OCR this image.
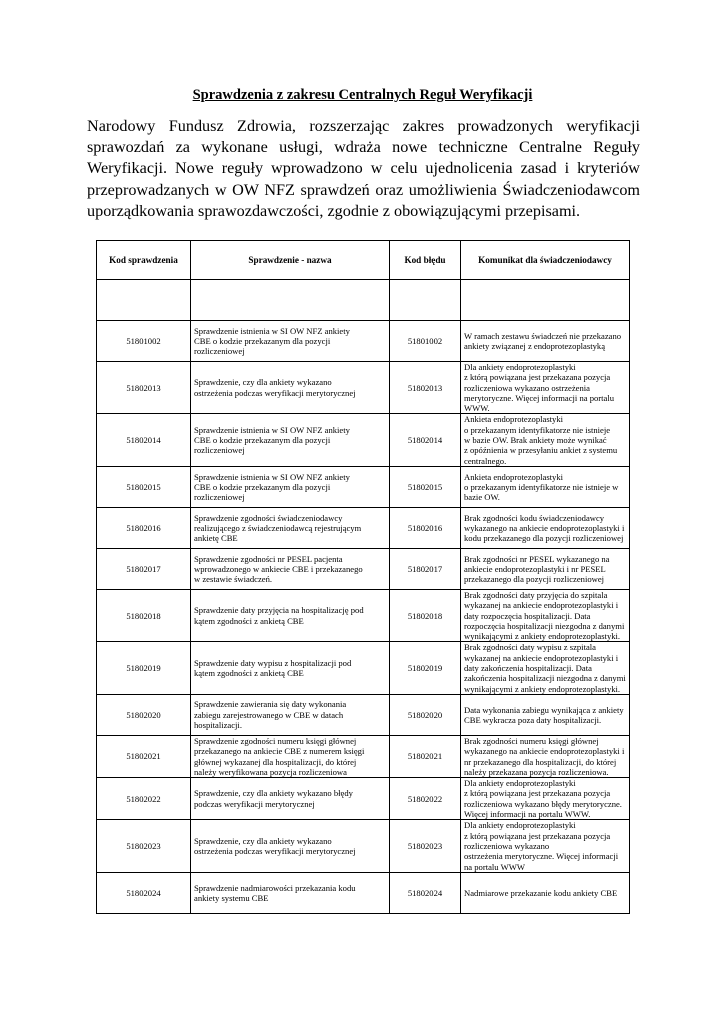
Sprawdzenia z zakresu Centralnych Reguł Weryfikacji

Narodowy Fundusz Zdrowia, rozszerzając zakres prowadzonych weryfikacji sprawozdań za wykonane usługi, wdraża nowe techniczne Centralne Reguły Weryfikacji. Nowe reguły wprowadzono w celu ujednolicenia zasad i kryteriów przeprowadzanych w OW NFZ sprawdzeń oraz umożliwienia Świadczeniodawcom uporządkowania sprawozdawczości, zgodnie z obowiązującymi przepisami.

Kod sprawdzenia	Sprawdzenie - nazwa	Kod błędu	Komunikat dla świadczeniodawcy

51801002	Sprawdzenie istnienia w SI OW NFZ ankiety
CBE o kodzie przekazanym dla pozycji
rozliczeniowej	51801002	W ramach zestawu świadczeń nie przekazano
ankiety związanej z endoprotezoplastyką
51802013	Sprawdzenie, czy dla ankiety wykazano
ostrzeżenia podczas weryfikacji merytorycznej	51802013	Dla ankiety endoprotezoplastyki
z którą powiązana jest przekazana pozycja
rozliczeniowa wykazano ostrzeżenia
merytoryczne. Więcej informacji na portalu
WWW.
51802014	Sprawdzenie istnienia w SI OW NFZ ankiety
CBE o kodzie przekazanym dla pozycji
rozliczeniowej	51802014	Ankieta endoprotezoplastyki
o przekazanym identyfikatorze nie istnieje
w bazie OW. Brak ankiety może wynikać
z opóźnienia w przesyłaniu ankiet z systemu
centralnego.
51802015	Sprawdzenie istnienia w SI OW NFZ ankiety
CBE o kodzie przekazanym dla pozycji
rozliczeniowej	51802015	Ankieta endoprotezoplastyki
o przekazanym identyfikatorze nie istnieje w
bazie OW.
51802016	Sprawdzenie zgodności świadczeniodawcy
realizującego z świadczeniodawcą rejestrującym
ankietę CBE	51802016	Brak zgodności kodu świadczeniodawcy
wykazanego na ankiecie endoprotezoplastyki i
kodu przekazanego dla pozycji rozliczeniowej
51802017	Sprawdzenie zgodności nr PESEL pacjenta
wprowadzonego w ankiecie CBE i przekazanego
w zestawie świadczeń.	51802017	Brak zgodności nr PESEL wykazanego na
ankiecie endoprotezoplastyki i nr PESEL
przekazanego dla pozycji rozliczeniowej
51802018	Sprawdzenie daty przyjęcia na hospitalizację pod
kątem zgodności z ankietą CBE	51802018	Brak zgodności daty przyjęcia do szpitala
wykazanej na ankiecie endoprotezoplastyki i
daty rozpoczęcia hospitalizacji. Data
rozpoczęcia hospitalizacji niezgodna z danymi
wynikającymi z ankiety endoprotezoplastyki.
51802019	Sprawdzenie daty wypisu z hospitalizacji pod
kątem zgodności z ankietą CBE	51802019	Brak zgodności daty wypisu z szpitala
wykazanej na ankiecie endoprotezoplastyki i
daty zakończenia hospitalizacji. Data
zakończenia hospitalizacji niezgodna z danymi
wynikającymi z ankiety endoprotezoplastyki.
51802020	Sprawdzenie zawierania się daty wykonania
zabiegu zarejestrowanego w CBE w datach
hospitalizacji.	51802020	Data wykonania zabiegu wynikająca z ankiety
CBE wykracza poza daty hospitalizacji.
51802021	Sprawdzenie zgodności numeru księgi głównej
przekazanego na ankiecie CBE z numerem księgi
głównej wykazanej dla hospitalizacji, do której
należy weryfikowana pozycja rozliczeniowa	51802021	Brak zgodności numeru księgi głównej
wykazanego na ankiecie endoprotezoplastyki i
nr przekazanego dla hospitalizacji, do której
należy przekazana pozycja rozliczeniowa.
51802022	Sprawdzenie, czy dla ankiety wykazano błędy
podczas weryfikacji merytorycznej	51802022	Dla ankiety endoprotezoplastyki
z którą powiązana jest przekazana pozycja
rozliczeniowa wykazano błędy merytoryczne.
Więcej informacji na portalu WWW.
51802023	Sprawdzenie, czy dla ankiety wykazano
ostrzeżenia podczas weryfikacji merytorycznej	51802023	Dla ankiety endoprotezoplastyki
z którą powiązana jest przekazana pozycja
rozliczeniowa wykazano
ostrzeżenia merytoryczne. Więcej informacji
na portalu WWW
51802024	Sprawdzenie nadmiarowości przekazania kodu
ankiety systemu CBE	51802024	Nadmiarowe przekazanie kodu ankiety CBE
